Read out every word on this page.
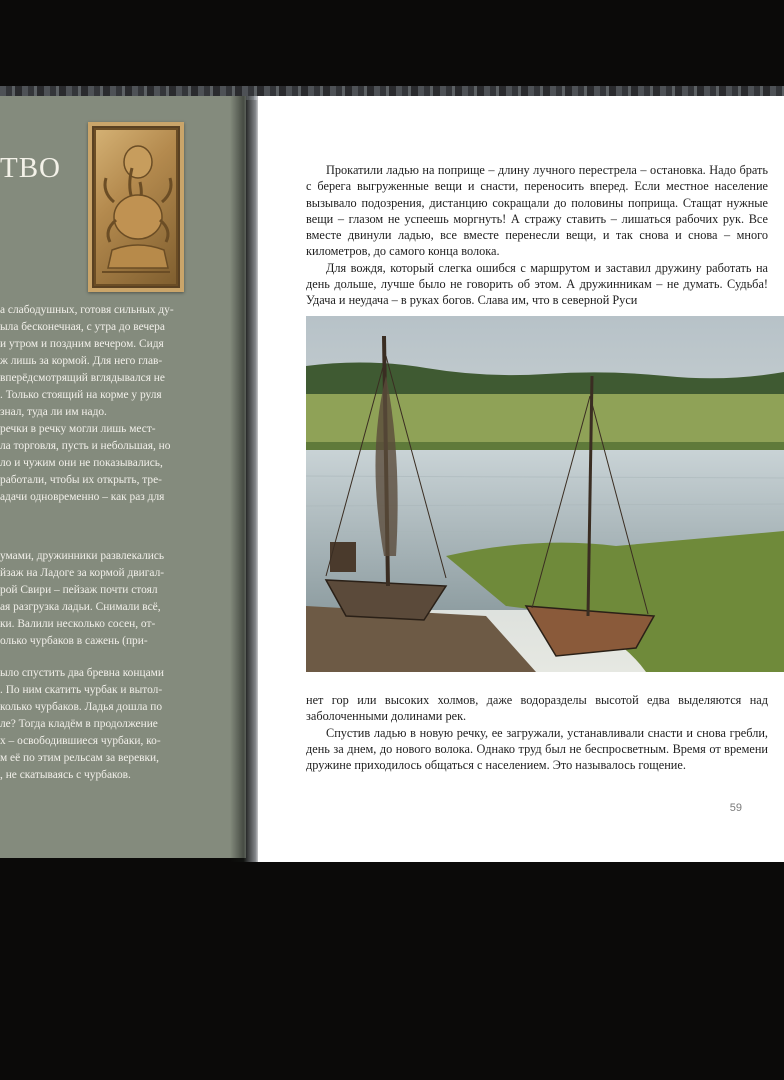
ТВО

а слабодушных, готовя сильных ду-

ыла бесконечная, с утра до вечера

и утром и поздним вечером. Сидя

ж лишь за кормой. Для него глав-

вперёдсмотрящий вглядывался не

. Только стоящий на корме у руля

знал, туда ли им надо.

речки в речку могли лишь мест-

ла торговля, пусть и небольшая, но

ло и чужим они не показывались,

работали, чтобы их открыть, тре-

адачи одновременно – как раз для

умами, дружинники развлекались

йзаж на Ладоге за кормой двигал-

рой Свири – пейзаж почти стоял

ая разгрузка ладьи. Снимали всё,

ки. Валили несколько сосен, от-

олько чурбаков в сажень (при-

ыло спустить два бревна концами

. По ним скатить чурбак и вытол-

колько чурбаков. Ладья дошла по

ле? Тогда кладём в продолжение

х – освободившиеся чурбаки, ко-

м её по этим рельсам за веревки,

, не скатываясь с чурбаков.

Прокатили ладью на поприще – длину лучного перестрела – остановка. Надо брать с берега выгруженные вещи и снасти, переносить вперед. Если местное население вызывало подозрения, дистанцию сокращали до половины поприща. Стащат нужные вещи – глазом не успеешь моргнуть! А стражу ставить – лишаться рабочих рук. Все вместе двинули ладью, все вместе перенесли вещи, и так снова и снова – много километров, до самого конца волока.

Для вождя, который слегка ошибся с маршрутом и заставил дружину работать на день дольше, лучше было не говорить об этом. А дружинникам – не думать. Судьба! Удача и неудача – в руках богов. Слава им, что в северной Руси

нет гор или высоких холмов, даже водоразделы высотой едва выделяются над заболоченными долинами рек.

Спустив ладью в новую речку, ее загружали, устанавливали снасти и снова гребли, день за днем, до нового волока. Однако труд был не беспросветным. Время от времени дружине приходилось общаться с населением. Это называлось гощение.

59
